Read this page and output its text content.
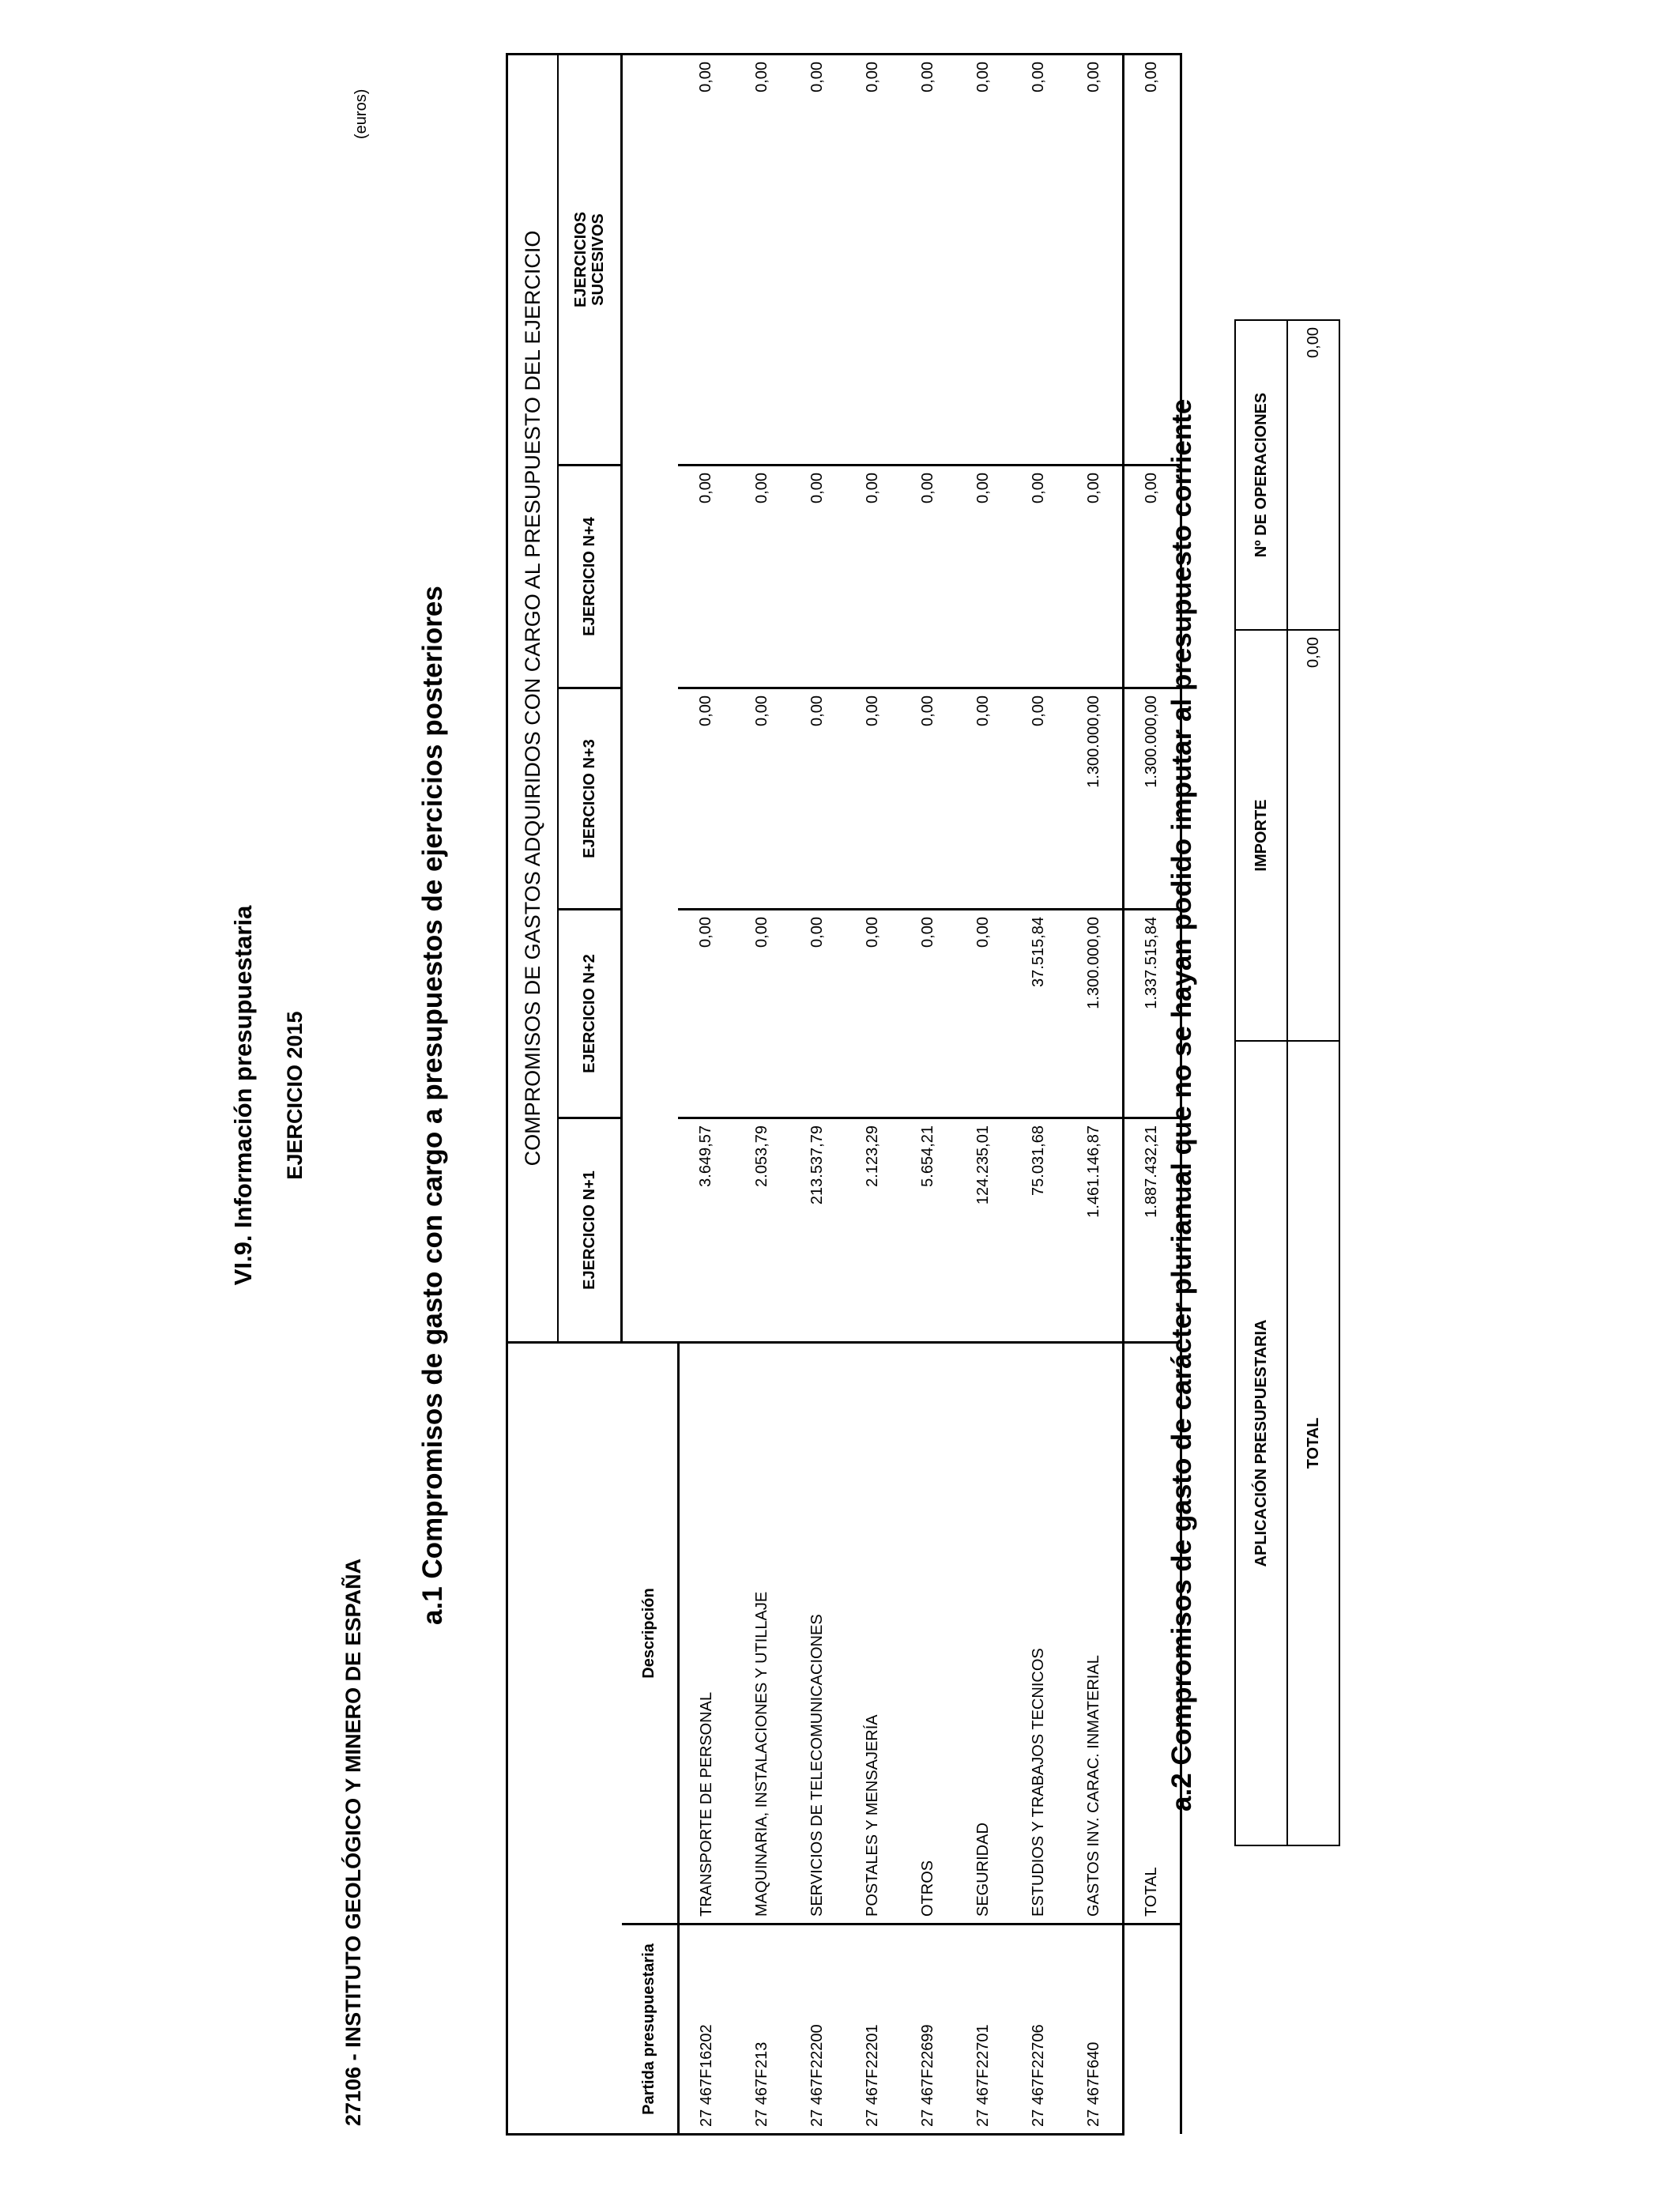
VI.9. Información presupuestaria EJERCICIO 2015
27106 - INSTITUTO GEOLÓGICO Y MINERO DE ESPAÑA
(euros)
a.1 Compromisos de gasto con cargo a presupuestos de ejercicios posteriores
		COMPROMISOS DE GASTOS ADQUIRIDOS CON CARGO AL PRESUPUESTO DEL EJERCICIO				
		EJERCICIO N+1	EJERCICIO N+2	EJERCICIO N+3	EJERCICIO N+4	EJERCICIOS SUCESIVOS
Partida presupuestaria	Descripción					
27 467F16202	TRANSPORTE DE PERSONAL	3.649,57	0,00	0,00	0,00	0,00
27 467F213	MAQUINARIA, INSTALACIONES Y UTILLAJE	2.053,79	0,00	0,00	0,00	0,00
27 467F22200	SERVICIOS DE TELECOMUNICACIONES	213.537,79	0,00	0,00	0,00	0,00
27 467F22201	POSTALES Y MENSAJERÍA	2.123,29	0,00	0,00	0,00	0,00
27 467F22699	OTROS	5.654,21	0,00	0,00	0,00	0,00
27 467F22701	SEGURIDAD	124.235,01	0,00	0,00	0,00	0,00
27 467F22706	ESTUDIOS Y TRABAJOS TECNICOS	75.031,68	37.515,84	0,00	0,00	0,00
27 467F640	GASTOS INV. CARAC. INMATERIAL	1.461.146,87	1.300.000,00	1.300.000,00	0,00	0,00
	TOTAL	1.887.432,21	1.337.515,84	1.300.000,00	0,00	0,00
a.2 Compromisos de gasto de carácter plurianual que no se hayan podido imputar al presupuesto corriente	APLICACIÓN PRESUPUESTARIA	IMPORTE	Nº DE OPERACIONES
TOTAL	0,00	0,00
